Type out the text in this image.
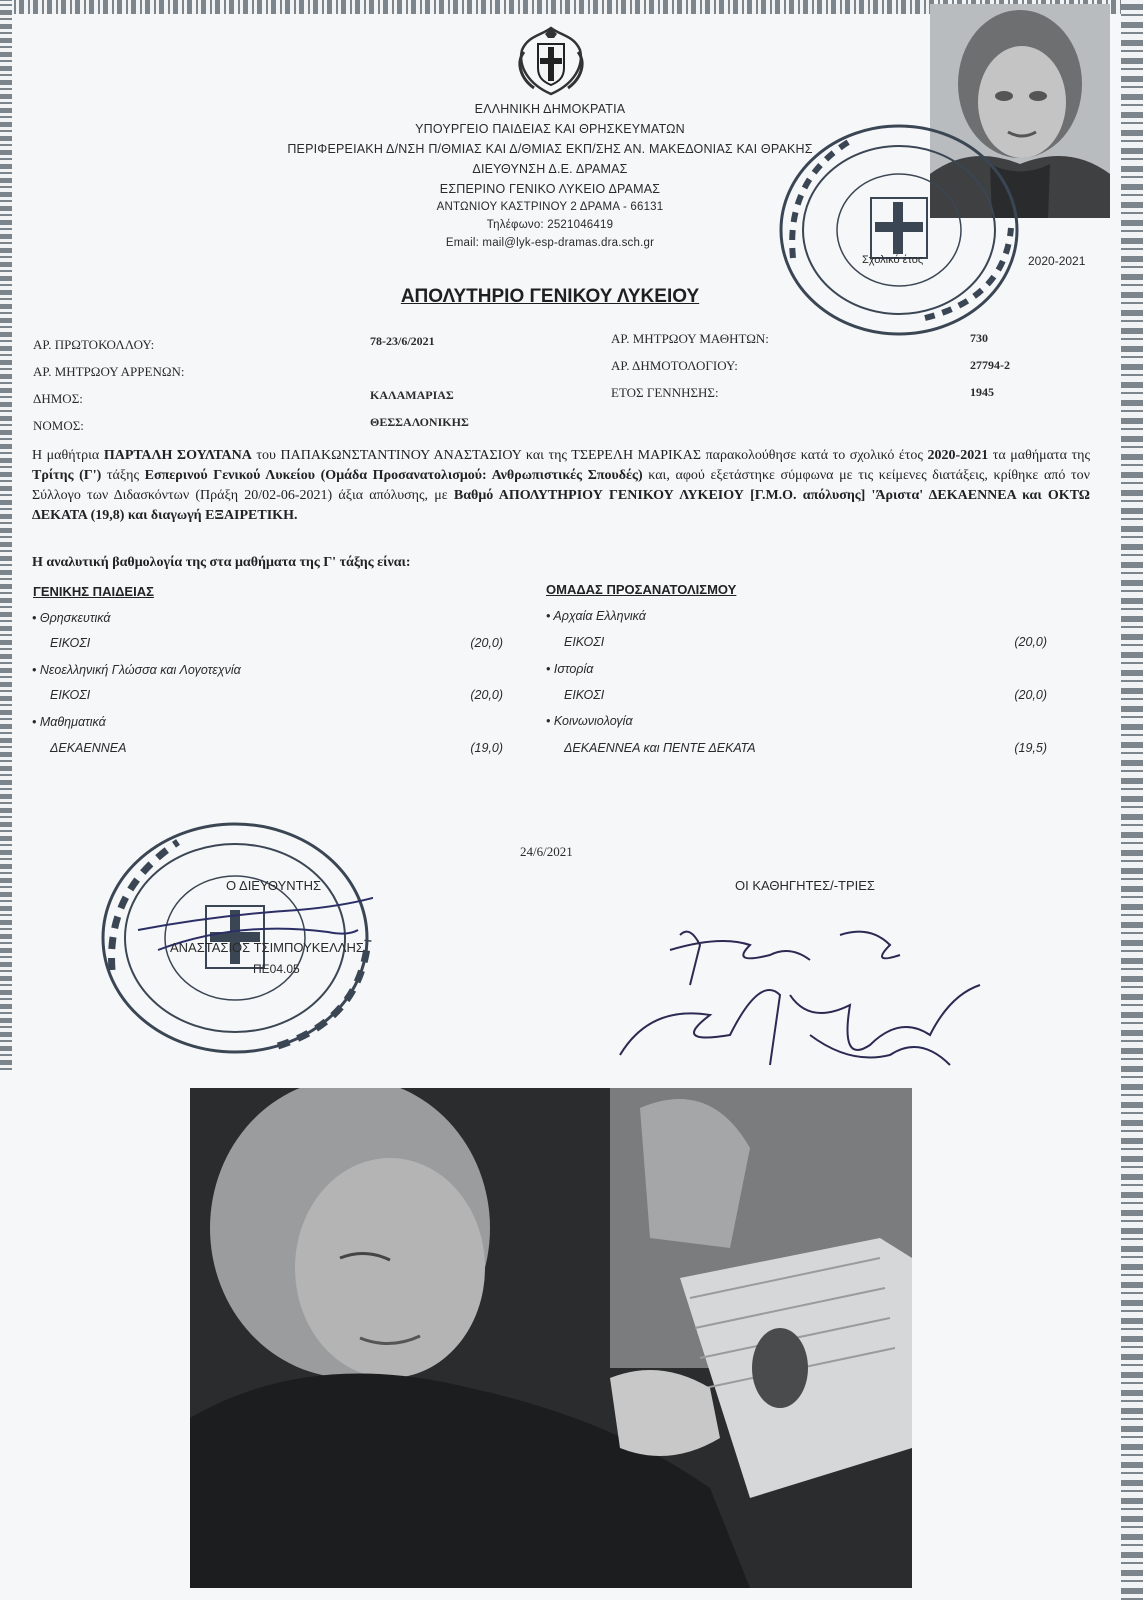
ΕΛΛΗΝΙΚΗ ΔΗΜΟΚΡΑΤΙΑ
ΥΠΟΥΡΓΕΙΟ ΠΑΙΔΕΙΑΣ ΚΑΙ ΘΡΗΣΚΕΥΜΑΤΩΝ
ΠΕΡΙΦΕΡΕΙΑΚΗ Δ/ΝΣΗ Π/ΘΜΙΑΣ ΚΑΙ Δ/ΘΜΙΑΣ ΕΚΠ/ΣΗΣ ΑΝ. ΜΑΚΕΔΟΝΙΑΣ ΚΑΙ ΘΡΑΚΗΣ
ΔΙΕΥΘΥΝΣΗ Δ.Ε. ΔΡΑΜΑΣ
ΕΣΠΕΡΙΝΟ ΓΕΝΙΚΟ ΛΥΚΕΙΟ ΔΡΑΜΑΣ
ΑΝΤΩΝΙΟΥ ΚΑΣΤΡΙΝΟΥ 2 ΔΡΑΜΑ - 66131
Τηλέφωνο: 2521046419
Email: mail@lyk-esp-dramas.dra.sch.gr
Σχολικό έτος	2020-2021
ΑΠΟΛΥΤΗΡΙΟ ΓΕΝΙΚΟΥ ΛΥΚΕΙΟΥ
ΑΡ. ΠΡΩΤΟΚΟΛΛΟΥ:	78-23/6/2021
ΑΡ. ΜΗΤΡΩΟΥ ΑΡΡΕΝΩΝ:
ΔΗΜΟΣ:	ΚΑΛΑΜΑΡΙΑΣ
ΝΟΜΟΣ:	ΘΕΣΣΑΛΟΝΙΚΗΣ
ΑΡ. ΜΗΤΡΩΟΥ ΜΑΘΗΤΩΝ:	730
ΑΡ. ΔΗΜΟΤΟΛΟΓΙΟΥ:	27794-2
ΕΤΟΣ ΓΕΝΝΗΣΗΣ:	1945
Η μαθήτρια ΠΑΡΤΑΛΗ ΣΟΥΛΤΑΝΑ του ΠΑΠΑΚΩΝΣΤΑΝΤΙΝΟΥ ΑΝΑΣΤΑΣΙΟΥ και της ΤΣΕΡΕΛΗ ΜΑΡΙΚΑΣ παρακολούθησε κατά το σχολικό έτος 2020-2021 τα μαθήματα της Τρίτης (Γ') τάξης Εσπερινού Γενικού Λυκείου (Ομάδα Προσανατολισμού: Ανθρωπιστικές Σπουδές) και, αφού εξετάστηκε σύμφωνα με τις κείμενες διατάξεις, κρίθηκε από τον Σύλλογο των Διδασκόντων (Πράξη 20/02-06-2021) άξια απόλυσης, με Βαθμό ΑΠΟΛΥΤΗΡΙΟΥ ΓΕΝΙΚΟΥ ΛΥΚΕΙΟΥ [Γ.Μ.Ο. απόλυσης] 'Άριστα' ΔΕΚΑΕΝΝΕΑ και ΟΚΤΩ ΔΕΚΑΤΑ (19,8) και διαγωγή ΕΞΑΙΡΕΤΙΚΗ.
Η αναλυτική βαθμολογία της στα μαθήματα της Γ' τάξης είναι:
ΓΕΝΙΚΗΣ ΠΑΙΔΕΙΑΣ	ΟΜΑΔΑΣ ΠΡΟΣΑΝΑΤΟΛΙΣΜΟΥ
• Θρησκευτικά
ΕΙΚΟΣΙ	(20,0)
• Νεοελληνική Γλώσσα και Λογοτεχνία
ΕΙΚΟΣΙ	(20,0)
• Μαθηματικά
ΔΕΚΑΕΝΝΕΑ	(19,0)
• Αρχαία Ελληνικά
ΕΙΚΟΣΙ	(20,0)
• Ιστορία
ΕΙΚΟΣΙ	(20,0)
• Κοινωνιολογία
ΔΕΚΑΕΝΝΕΑ και ΠΕΝΤΕ ΔΕΚΑΤΑ	(19,5)
24/6/2021
Ο ΔΙΕΥΘΥΝΤΗΣ
ΑΝΑΣΤΑΣΙΟΣ ΤΣΙΜΠΟΥΚΕΛΛΗΣ
ΠΕ04.05
ΟΙ ΚΑΘΗΓΗΤΕΣ/-ΤΡΙΕΣ
